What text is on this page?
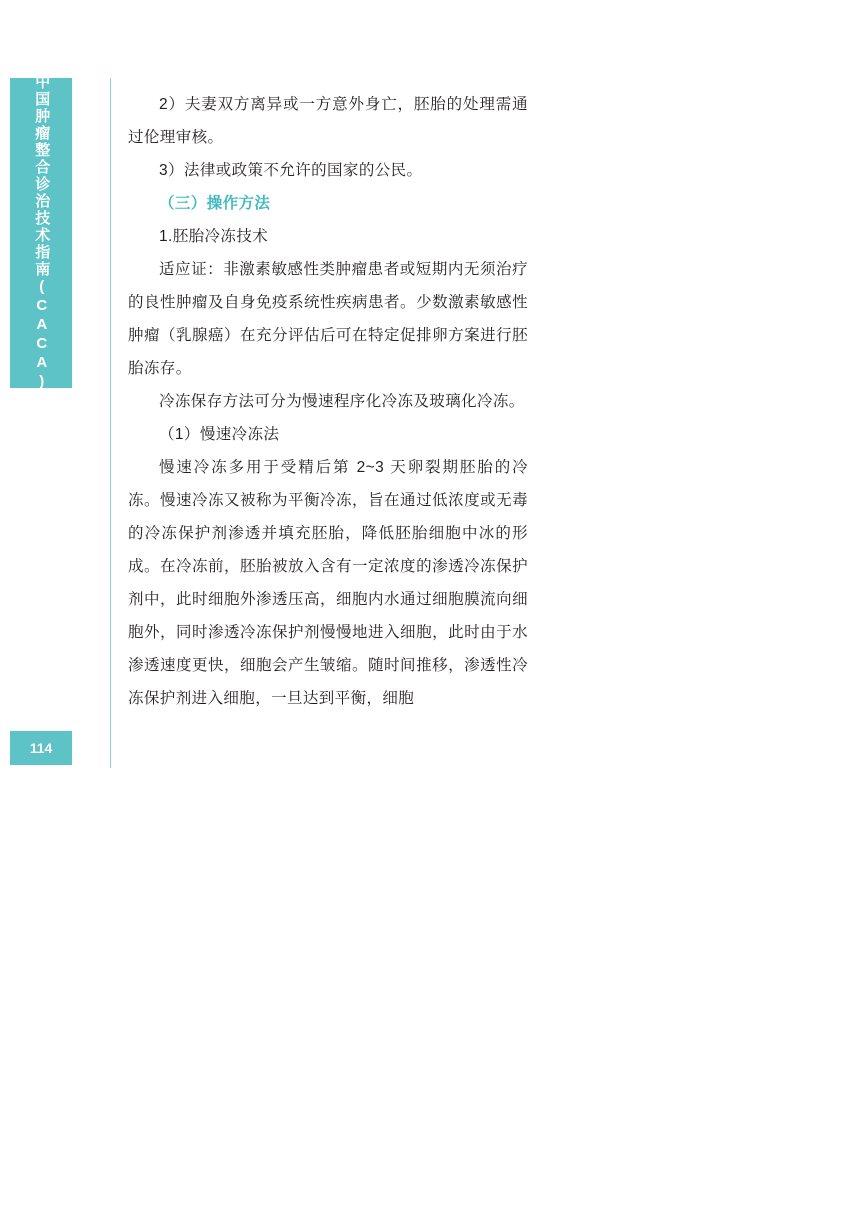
中国肿瘤整合诊治技术指南(CACA)
114

2）夫妻双方离异或一方意外身亡，胚胎的处理需通过伦理审核。

3）法律或政策不允许的国家的公民。

（三）操作方法

1.胚胎冷冻技术

适应证：非激素敏感性类肿瘤患者或短期内无须治疗的良性肿瘤及自身免疫系统性疾病患者。少数激素敏感性肿瘤（乳腺癌）在充分评估后可在特定促排卵方案进行胚胎冻存。

冷冻保存方法可分为慢速程序化冷冻及玻璃化冷冻。

（1）慢速冷冻法

慢速冷冻多用于受精后第 2~3 天卵裂期胚胎的冷冻。慢速冷冻又被称为平衡冷冻，旨在通过低浓度或无毒的冷冻保护剂渗透并填充胚胎，降低胚胎细胞中冰的形成。在冷冻前，胚胎被放入含有一定浓度的渗透冷冻保护剂中，此时细胞外渗透压高，细胞内水通过细胞膜流向细胞外，同时渗透冷冻保护剂慢慢地进入细胞，此时由于水渗透速度更快，细胞会产生皱缩。随时间推移，渗透性冷冻保护剂进入细胞，一旦达到平衡，细胞
